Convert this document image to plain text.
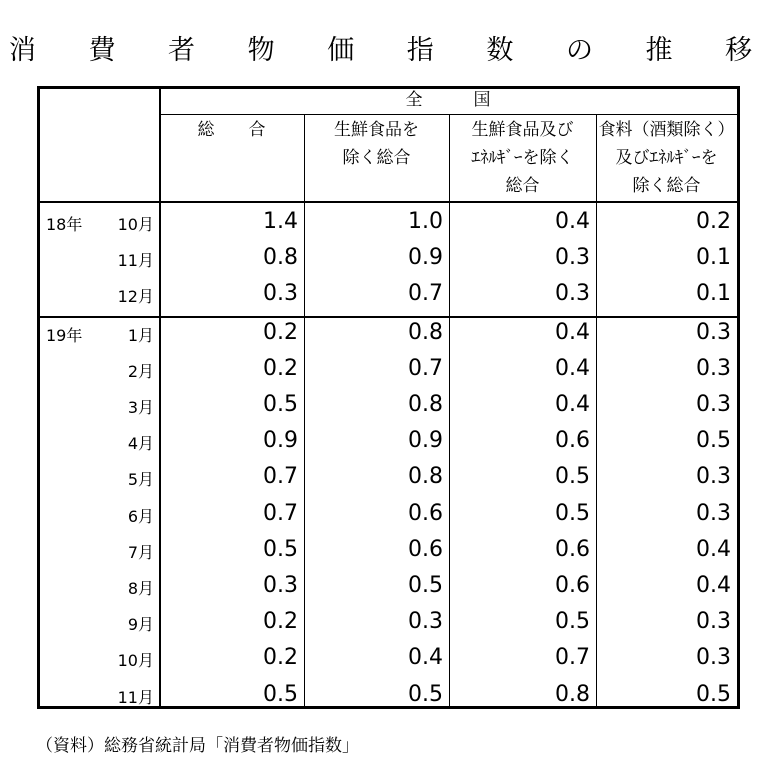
消 費 者 物 価 指 数 の 推 移
全　　　国
総　　合	生鮮食品を
除く総合
生鮮食品及び
ｴﾈﾙｷﾞｰを除く
総合
食料（酒類除く）
及びｴﾈﾙｷﾞｰを
除く総合
18年	10月	1.4	1.0	0.4	0.2
11月	0.8	0.9	0.3	0.1
12月	0.3	0.7	0.3	0.1
19年	1月	0.2	0.8	0.4	0.3
2月	0.2	0.7	0.4	0.3
3月	0.5	0.8	0.4	0.3
4月	0.9	0.9	0.6	0.5
5月	0.7	0.8	0.5	0.3
6月	0.7	0.6	0.5	0.3
7月	0.5	0.6	0.6	0.4
8月	0.3	0.5	0.6	0.4
9月	0.2	0.3	0.5	0.3
10月	0.2	0.4	0.7	0.3
11月	0.5	0.5	0.8	0.5
（資料）総務省統計局「消費者物価指数」
